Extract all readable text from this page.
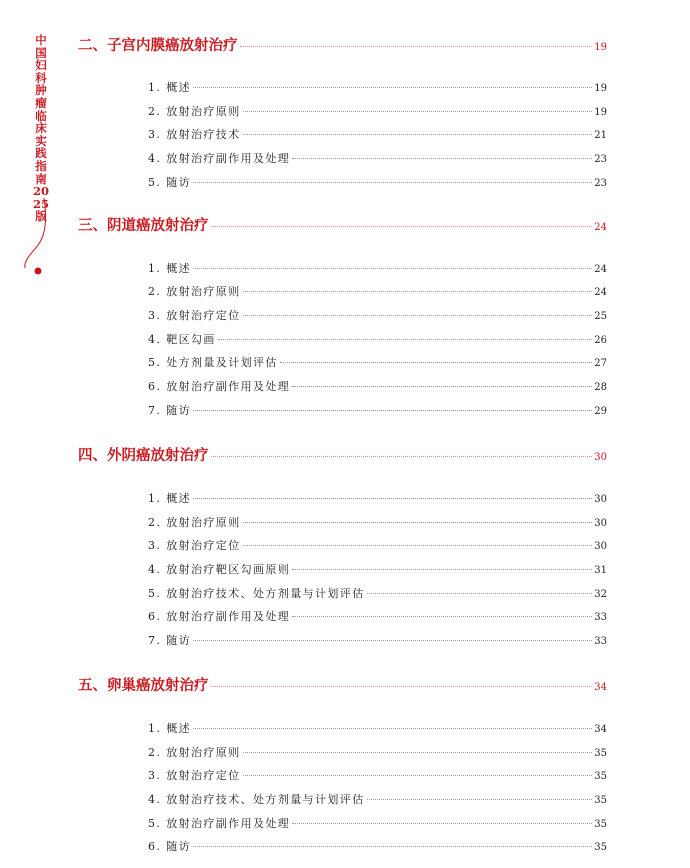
中国妇科肿瘤临床实践指南2025版
二、子宫内膜癌放射治疗	19
1. 概述	19
2. 放射治疗原则	19
3. 放射治疗技术	21
4. 放射治疗副作用及处理	23
5. 随访	23
三、阴道癌放射治疗	24
1. 概述	24
2. 放射治疗原则	24
3. 放射治疗定位	25
4. 靶区勾画	26
5. 处方剂量及计划评估	27
6. 放射治疗副作用及处理	28
7. 随访	29
四、外阴癌放射治疗	30
1. 概述	30
2. 放射治疗原则	30
3. 放射治疗定位	30
4. 放射治疗靶区勾画原则	31
5. 放射治疗技术、处方剂量与计划评估	32
6. 放射治疗副作用及处理	33
7. 随访	33
五、卵巢癌放射治疗	34
1. 概述	34
2. 放射治疗原则	35
3. 放射治疗定位	35
4. 放射治疗技术、处方剂量与计划评估	35
5. 放射治疗副作用及处理	35
6. 随访	35
